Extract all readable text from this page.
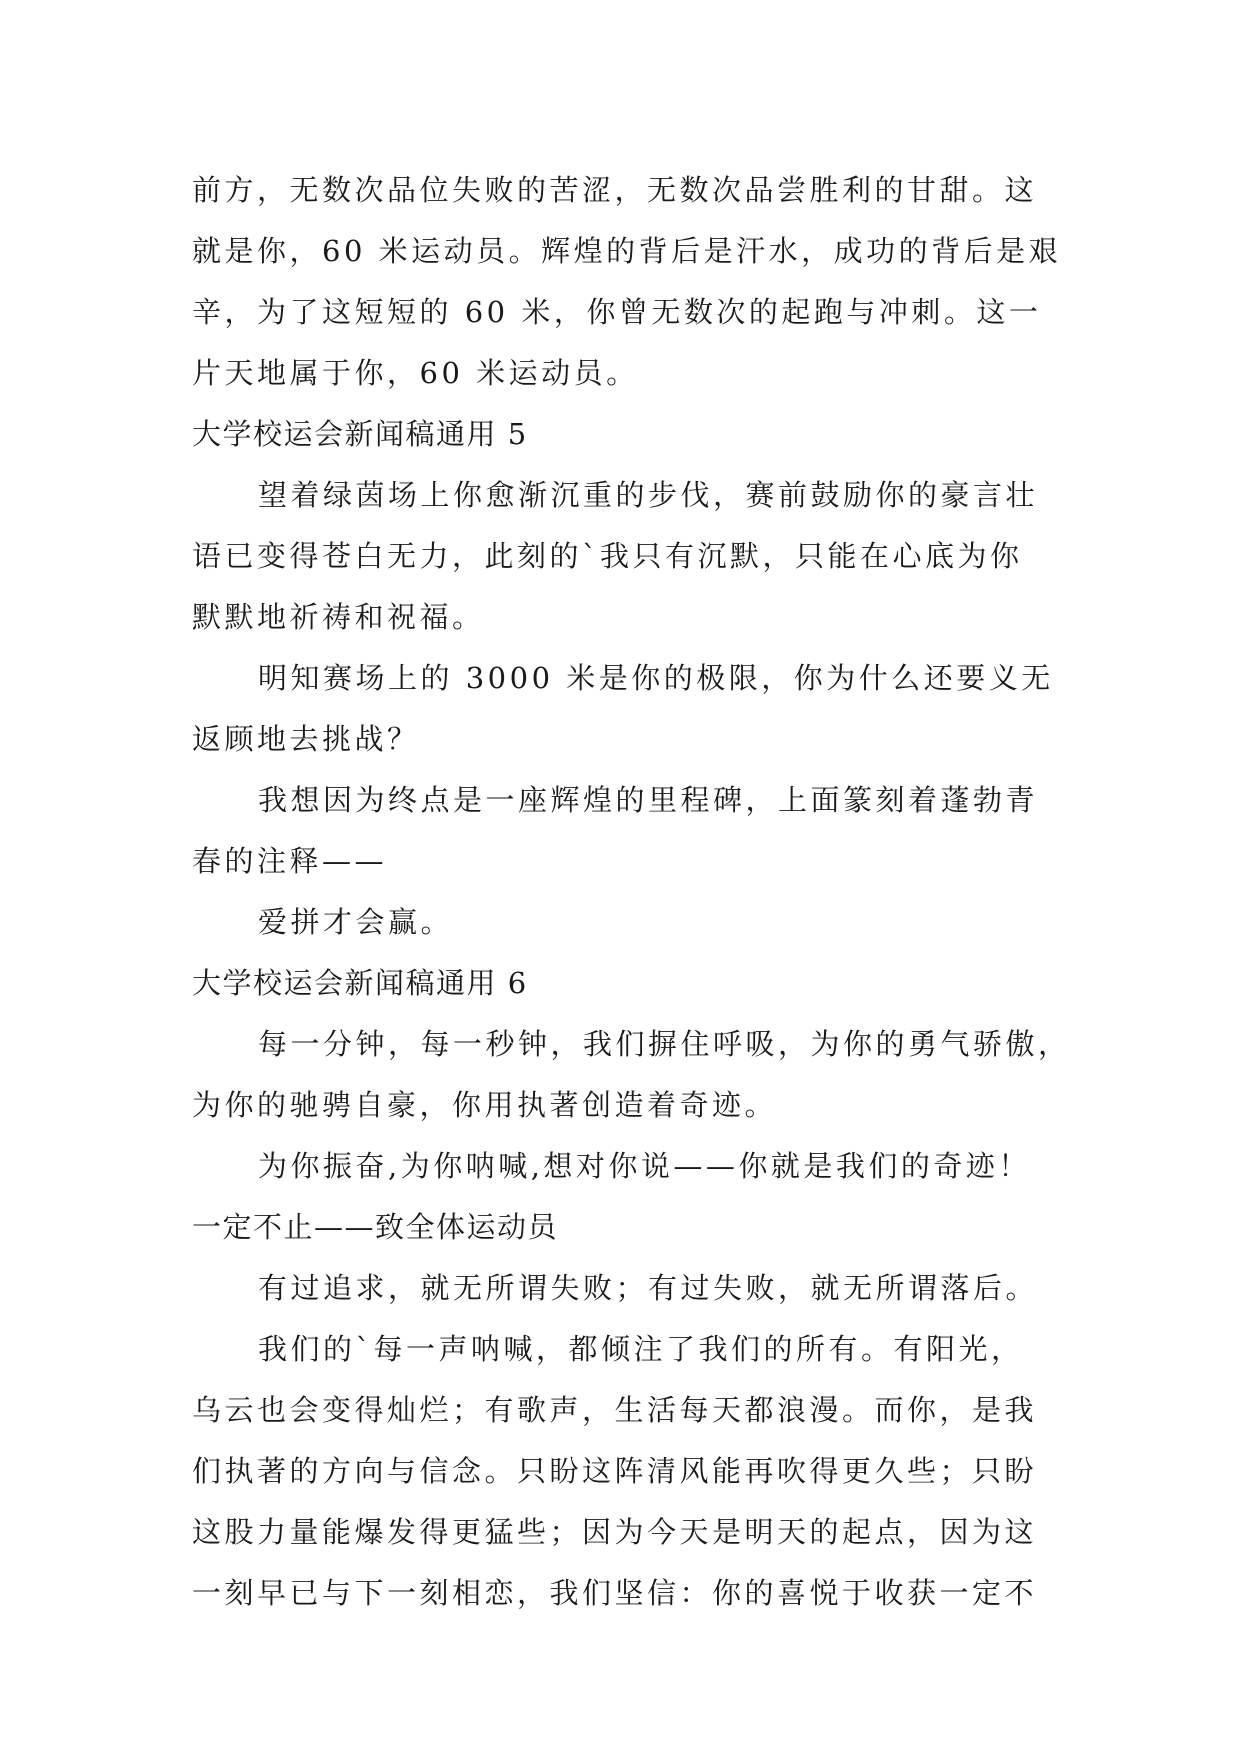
前方，无数次品位失败的苦涩，无数次品尝胜利的甘甜。这
就是你，60 米运动员。辉煌的背后是汗水，成功的背后是艰
辛，为了这短短的 60 米，你曾无数次的起跑与冲刺。这一
片天地属于你，60 米运动员。

大学校运会新闻稿通用 5

望着绿茵场上你愈渐沉重的步伐，赛前鼓励你的豪言壮
语已变得苍白无力，此刻的`我只有沉默，只能在心底为你
默默地祈祷和祝福。

明知赛场上的 3000 米是你的极限，你为什么还要义无
返顾地去挑战？

我想因为终点是一座辉煌的里程碑，上面篆刻着蓬勃青
春的注释——

爱拼才会赢。

大学校运会新闻稿通用 6

每一分钟，每一秒钟，我们摒住呼吸，为你的勇气骄傲，
为你的驰骋自豪，你用执著创造着奇迹。

为你振奋,为你呐喊,想对你说——你就是我们的奇迹！

一定不止——致全体运动员

有过追求，就无所谓失败；有过失败，就无所谓落后。

我们的`每一声呐喊，都倾注了我们的所有。有阳光，
乌云也会变得灿烂；有歌声，生活每天都浪漫。而你，是我
们执著的方向与信念。只盼这阵清风能再吹得更久些；只盼
这股力量能爆发得更猛些；因为今天是明天的起点，因为这
一刻早已与下一刻相恋，我们坚信：你的喜悦于收获一定不
